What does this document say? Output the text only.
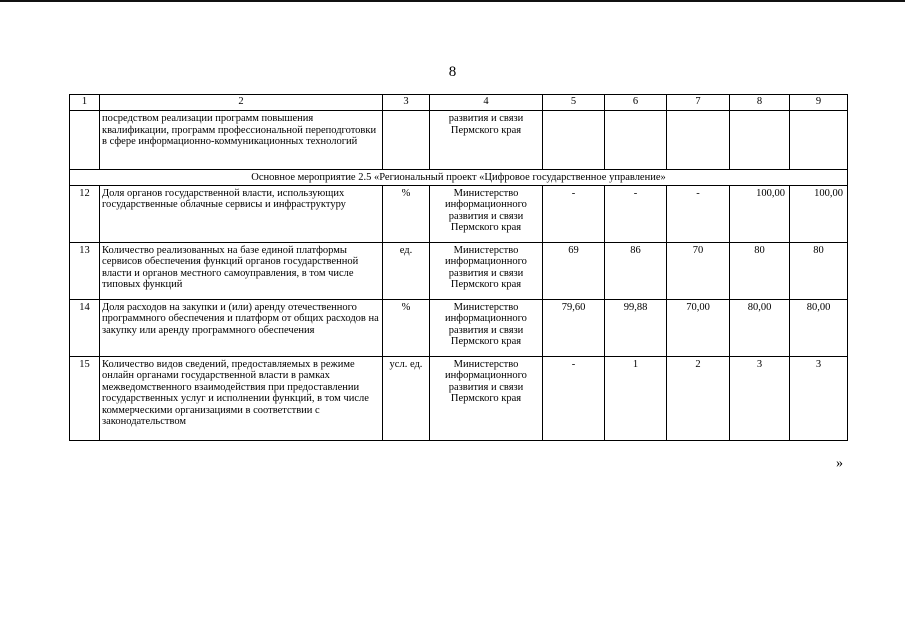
8
1	2	3	4	5	6	7	8	9
	посредством реализации программ повышения квалификации, программ профессиональной переподготовки в сфере информационно-коммуникационных технологий		развития и связи Пермского края					
Основное мероприятие 2.5 «Региональный проект «Цифровое государственное управление»								
12	Доля органов государственной власти, использующих государственные облачные сервисы и инфраструктуру	%	Министерство информационного развития и связи Пермского края	-	-	-	100,00	100,00
13	Количество реализованных на базе единой платформы сервисов обеспечения функций органов государственной власти и органов местного самоуправления, в том числе типовых функций	ед.	Министерство информационного развития и связи Пермского края	69	86	70	80	80
14	Доля расходов на закупки и (или) аренду отечественного программного обеспечения и платформ от общих расходов на закупку или аренду программного обеспечения	%	Министерство информационного развития и связи Пермского края	79,60	99,88	70,00	80,00	80,00
15	Количество видов сведений, предоставляемых в режиме онлайн органами государственной власти в рамках межведомственного взаимодействия при предоставлении государственных услуг и исполнении функций, в том числе коммерческими организациями в соответствии с законодательством	усл. ед.	Министерство информационного развития и связи Пермского края	-	1	2	3	3
»
